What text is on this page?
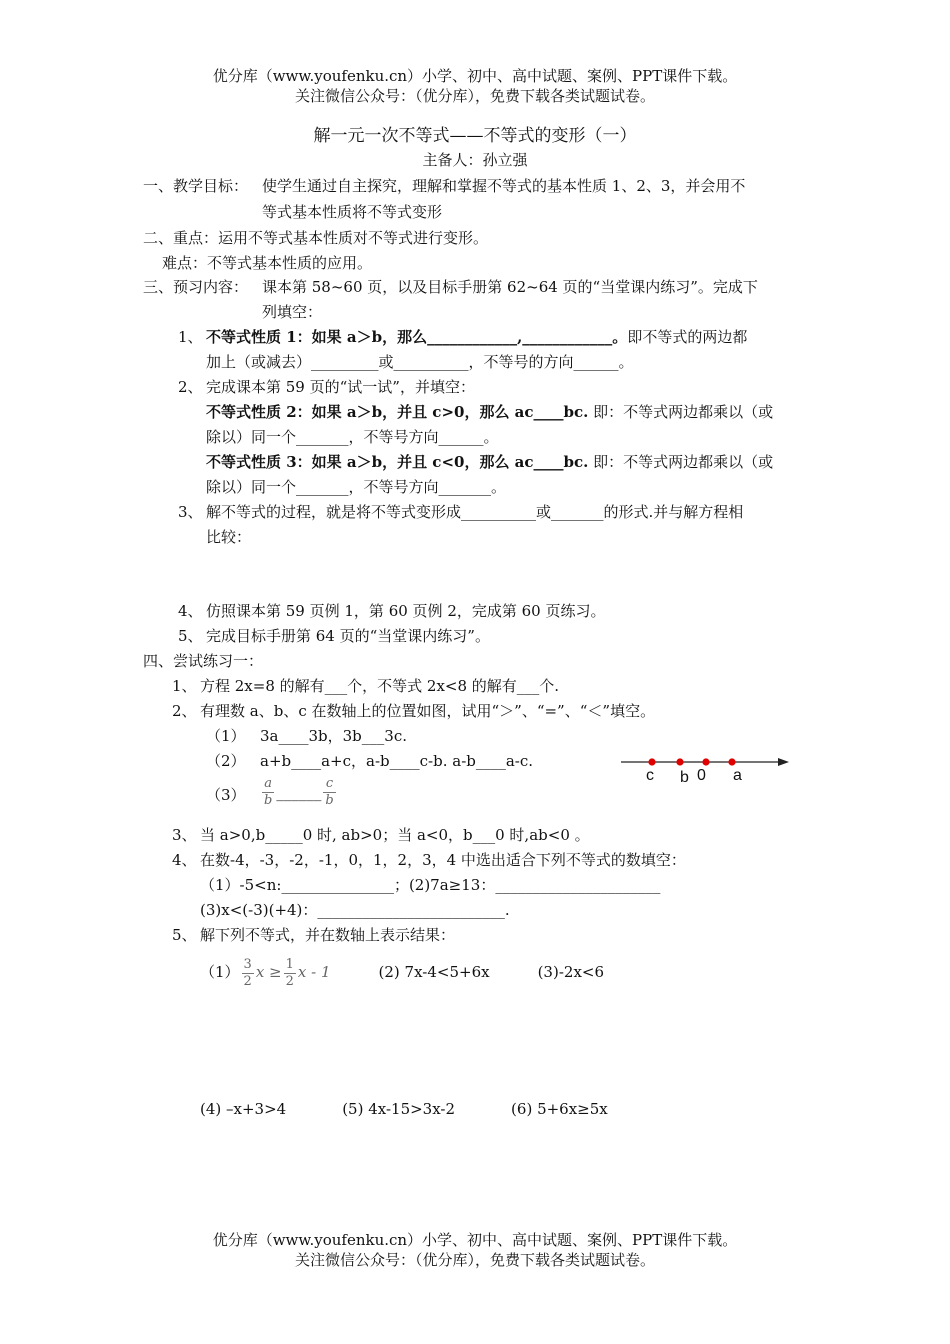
优分库（www.youfenku.cn）小学、初中、高中试题、案例、PPT课件下载。
关注微信公众号：（优分库），免费下载各类试题试卷。
解一元一次不等式——不等式的变形（一）
主备人：孙立强
一、教学目标： 使学生通过自主探究，理解和掌握不等式的基本性质 1、2、3，并会用不
等式基本性质将不等式变形
二、重点：运用不等式基本性质对不等式进行变形。
难点：不等式基本性质的应用。
三、预习内容： 课本第 58~60 页，以及目标手册第 62~64 页的“当堂课内练习”。完成下
列填空：
1、 不等式性质 1：如果 a＞b，那么____________,____________。即不等式的两边都
加上（或减去）_________或__________，不等号的方向______。
2、 完成课本第 59 页的“试一试”，并填空：
不等式性质 2：如果 a＞b，并且 c>0，那么 ac____bc. 即：不等式两边都乘以（或
除以）同一个_______，不等号方向______。
不等式性质 3：如果 a＞b，并且 c<0，那么 ac____bc. 即：不等式两边都乘以（或
除以）同一个_______，不等号方向_______。
3、 解不等式的过程，就是将不等式变形成__________或_______的形式.并与解方程相
比较：
4、 仿照课本第 59 页例 1，第 60 页例 2，完成第 60 页练习。
5、 完成目标手册第 64 页的“当堂课内练习”。
四、尝试练习一：
1、 方程 2x=8 的解有___个，不等式 2x<8 的解有___个.
2、 有理数 a、b、c 在数轴上的位置如图，试用“＞”、“=”、“＜”填空。
（1） 3a____3b，3b___3c.
（2） a+b____a+c，a-b____c-b. a-b____a-c.
$(3) \frac{a}{b}$ ______ $\frac{c}{b}$
c b 0 a
3、 当 a>0,b_____0 时, ab>0；当 a<0，b___0 时,ab<0 。
4、 在数-4，-3，-2，-1，0，1，2，3，4 中选出适合下列不等式的数填空：
（1）-5<n:_______________；(2)7a≥13：______________________
(3)x<(-3)(+4)：_________________________.
5、 解下列不等式，并在数轴上表示结果：
$(1) \frac{3}{2}$ $x \ge \frac{1}{2}$ x - 1	(2) 7x-4<5+6x	(3)-2x<6
(4) –x+3>4	(5) 4x-15>3x-2	(6) 5+6x≥5x
优分库（www.youfenku.cn）小学、初中、高中试题、案例、PPT课件下载。
关注微信公众号：（优分库），免费下载各类试题试卷。
